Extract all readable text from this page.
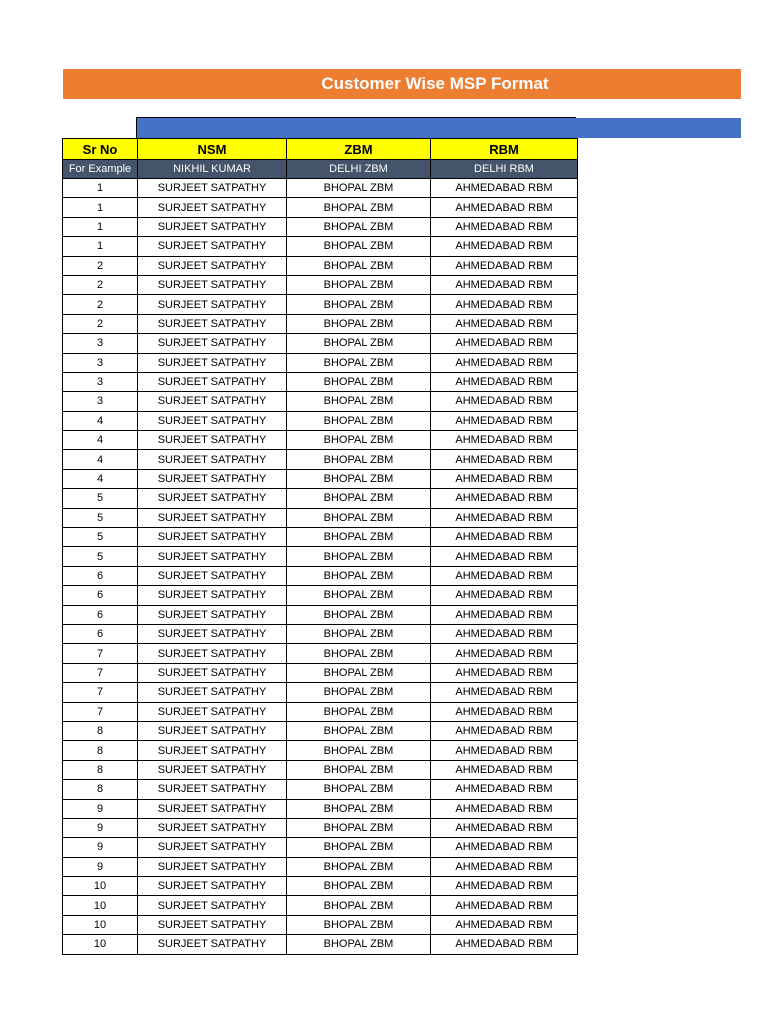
Customer Wise MSP Format
Sr No	NSM	ZBM	RBM
For Example	NIKHIL KUMAR	DELHI ZBM	DELHI RBM
1	SURJEET SATPATHY	BHOPAL ZBM	AHMEDABAD RBM
1	SURJEET SATPATHY	BHOPAL ZBM	AHMEDABAD RBM
1	SURJEET SATPATHY	BHOPAL ZBM	AHMEDABAD RBM
1	SURJEET SATPATHY	BHOPAL ZBM	AHMEDABAD RBM
2	SURJEET SATPATHY	BHOPAL ZBM	AHMEDABAD RBM
2	SURJEET SATPATHY	BHOPAL ZBM	AHMEDABAD RBM
2	SURJEET SATPATHY	BHOPAL ZBM	AHMEDABAD RBM
2	SURJEET SATPATHY	BHOPAL ZBM	AHMEDABAD RBM
3	SURJEET SATPATHY	BHOPAL ZBM	AHMEDABAD RBM
3	SURJEET SATPATHY	BHOPAL ZBM	AHMEDABAD RBM
3	SURJEET SATPATHY	BHOPAL ZBM	AHMEDABAD RBM
3	SURJEET SATPATHY	BHOPAL ZBM	AHMEDABAD RBM
4	SURJEET SATPATHY	BHOPAL ZBM	AHMEDABAD RBM
4	SURJEET SATPATHY	BHOPAL ZBM	AHMEDABAD RBM
4	SURJEET SATPATHY	BHOPAL ZBM	AHMEDABAD RBM
4	SURJEET SATPATHY	BHOPAL ZBM	AHMEDABAD RBM
5	SURJEET SATPATHY	BHOPAL ZBM	AHMEDABAD RBM
5	SURJEET SATPATHY	BHOPAL ZBM	AHMEDABAD RBM
5	SURJEET SATPATHY	BHOPAL ZBM	AHMEDABAD RBM
5	SURJEET SATPATHY	BHOPAL ZBM	AHMEDABAD RBM
6	SURJEET SATPATHY	BHOPAL ZBM	AHMEDABAD RBM
6	SURJEET SATPATHY	BHOPAL ZBM	AHMEDABAD RBM
6	SURJEET SATPATHY	BHOPAL ZBM	AHMEDABAD RBM
6	SURJEET SATPATHY	BHOPAL ZBM	AHMEDABAD RBM
7	SURJEET SATPATHY	BHOPAL ZBM	AHMEDABAD RBM
7	SURJEET SATPATHY	BHOPAL ZBM	AHMEDABAD RBM
7	SURJEET SATPATHY	BHOPAL ZBM	AHMEDABAD RBM
7	SURJEET SATPATHY	BHOPAL ZBM	AHMEDABAD RBM
8	SURJEET SATPATHY	BHOPAL ZBM	AHMEDABAD RBM
8	SURJEET SATPATHY	BHOPAL ZBM	AHMEDABAD RBM
8	SURJEET SATPATHY	BHOPAL ZBM	AHMEDABAD RBM
8	SURJEET SATPATHY	BHOPAL ZBM	AHMEDABAD RBM
9	SURJEET SATPATHY	BHOPAL ZBM	AHMEDABAD RBM
9	SURJEET SATPATHY	BHOPAL ZBM	AHMEDABAD RBM
9	SURJEET SATPATHY	BHOPAL ZBM	AHMEDABAD RBM
9	SURJEET SATPATHY	BHOPAL ZBM	AHMEDABAD RBM
10	SURJEET SATPATHY	BHOPAL ZBM	AHMEDABAD RBM
10	SURJEET SATPATHY	BHOPAL ZBM	AHMEDABAD RBM
10	SURJEET SATPATHY	BHOPAL ZBM	AHMEDABAD RBM
10	SURJEET SATPATHY	BHOPAL ZBM	AHMEDABAD RBM
